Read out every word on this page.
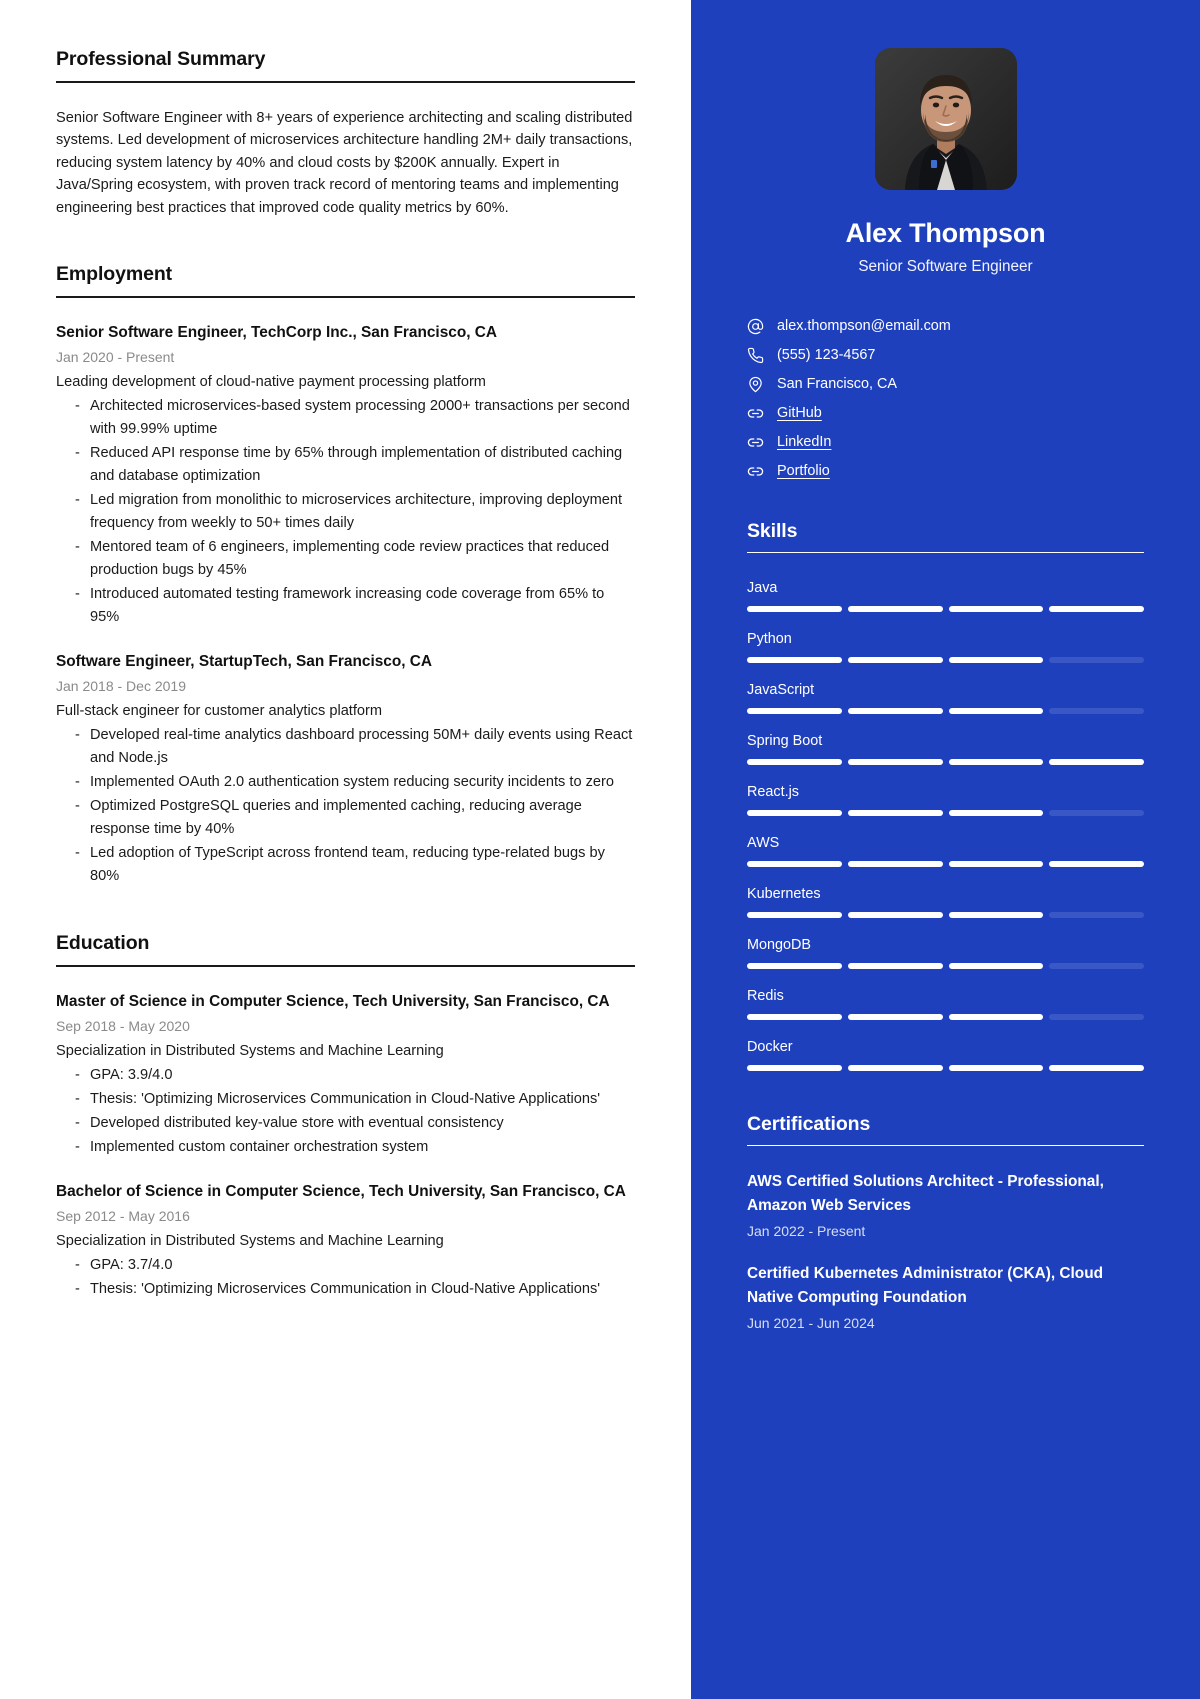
Professional Summary

Senior Software Engineer with 8+ years of experience architecting and scaling distributed systems. Led development of microservices architecture handling 2M+ daily transactions, reducing system latency by 40% and cloud costs by $200K annually. Expert in Java/Spring ecosystem, with proven track record of mentoring teams and implementing engineering best practices that improved code quality metrics by 60%.

Employment
Senior Software Engineer, TechCorp Inc., San Francisco, CA
Jan 2020 - Present
Leading development of cloud-native payment processing platform
- Architected microservices-based system processing 2000+ transactions per second with 99.99% uptime
- Reduced API response time by 65% through implementation of distributed caching and database optimization
- Led migration from monolithic to microservices architecture, improving deployment frequency from weekly to 50+ times daily
- Mentored team of 6 engineers, implementing code review practices that reduced production bugs by 45%
- Introduced automated testing framework increasing code coverage from 65% to 95%
Software Engineer, StartupTech, San Francisco, CA
Jan 2018 - Dec 2019
Full-stack engineer for customer analytics platform
- Developed real-time analytics dashboard processing 50M+ daily events using React and Node.js
- Implemented OAuth 2.0 authentication system reducing security incidents to zero
- Optimized PostgreSQL queries and implemented caching, reducing average response time by 40%
- Led adoption of TypeScript across frontend team, reducing type-related bugs by 80%
Education
Master of Science in Computer Science, Tech University, San Francisco, CA
Sep 2018 - May 2020
Specialization in Distributed Systems and Machine Learning
- GPA: 3.9/4.0
- Thesis: 'Optimizing Microservices Communication in Cloud-Native Applications'
- Developed distributed key-value store with eventual consistency
- Implemented custom container orchestration system
Bachelor of Science in Computer Science, Tech University, San Francisco, CA
Sep 2012 - May 2016
Specialization in Distributed Systems and Machine Learning
- GPA: 3.7/4.0
- Thesis: 'Optimizing Microservices Communication in Cloud-Native Applications'
Alex Thompson
Senior Software Engineer
alex.thompson@email.com
(555) 123-4567
San Francisco, CA
GitHub
LinkedIn
Portfolio
Skills
Java
Python
JavaScript
Spring Boot
React.js
AWS
Kubernetes
MongoDB
Redis
Docker
Certifications
AWS Certified Solutions Architect - Professional, Amazon Web Services
Jan 2022 - Present
Certified Kubernetes Administrator (CKA), Cloud Native Computing Foundation
Jun 2021 - Jun 2024
